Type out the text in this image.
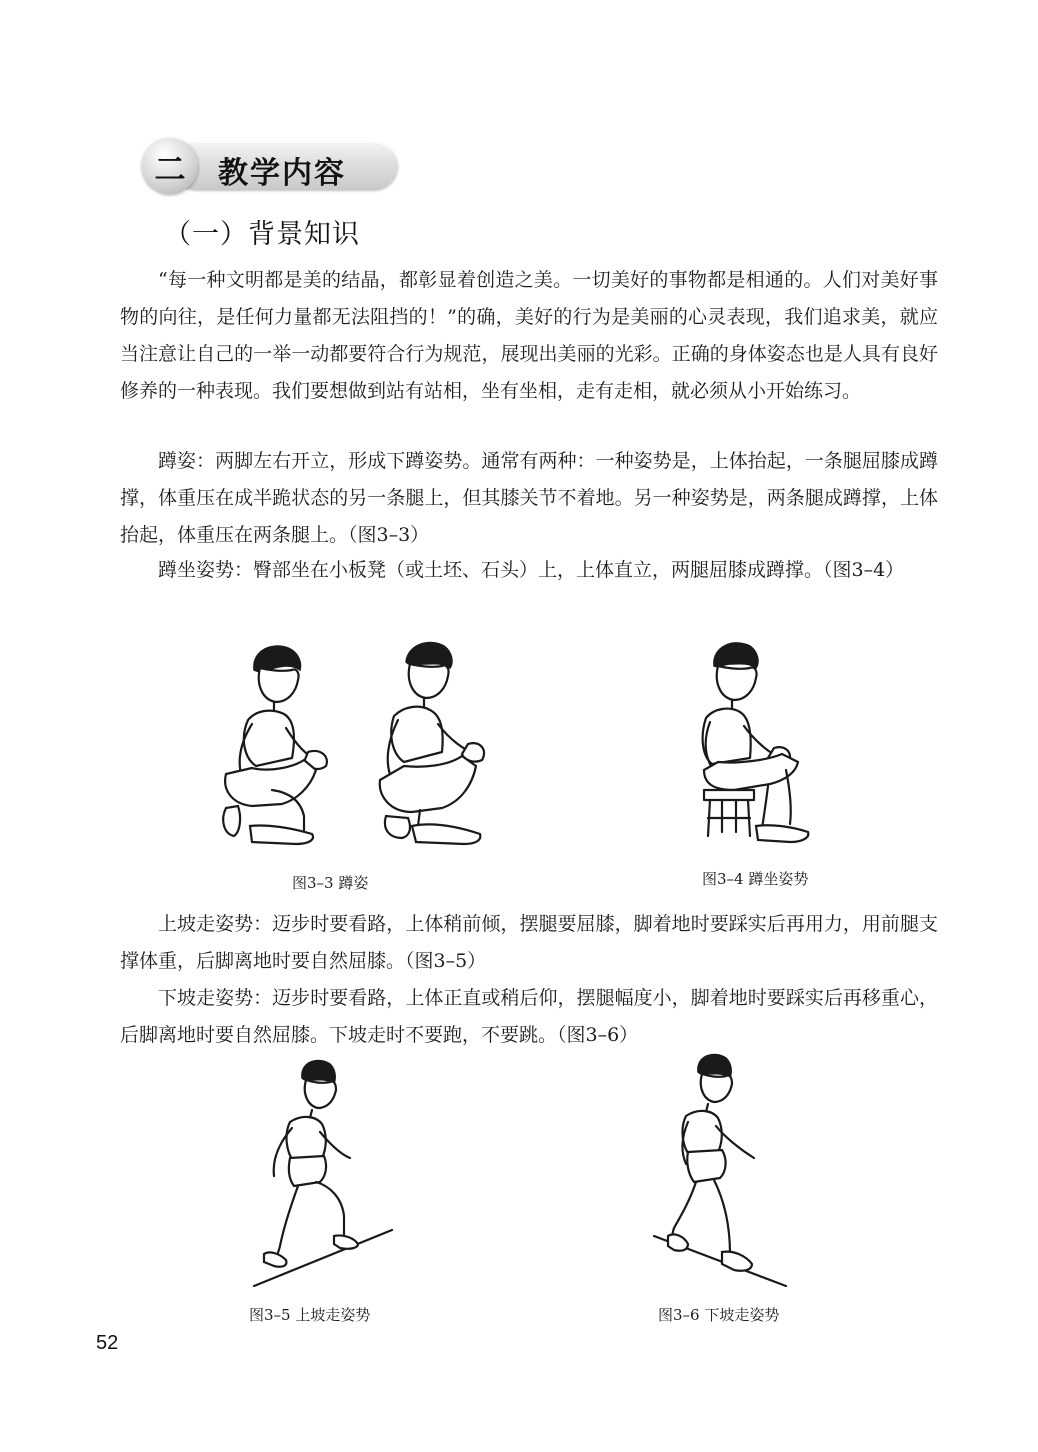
二 教学内容
（一）背景知识

“每一种文明都是美的结晶，都彰显着创造之美。一切美好的事物都是相通的。人们对美好事物的向往，是任何力量都无法阻挡的！”的确，美好的行为是美丽的心灵表现，我们追求美，就应当注意让自己的一举一动都要符合行为规范，展现出美丽的光彩。正确的身体姿态也是人具有良好修养的一种表现。我们要想做到站有站相，坐有坐相，走有走相，就必须从小开始练习。

蹲姿：两脚左右开立，形成下蹲姿势。通常有两种：一种姿势是，上体抬起，一条腿屈膝成蹲撑，体重压在成半跪状态的另一条腿上，但其膝关节不着地。另一种姿势是，两条腿成蹲撑，上体抬起，体重压在两条腿上。（图3–3）

蹲坐姿势：臀部坐在小板凳（或土坯、石头）上，上体直立，两腿屈膝成蹲撑。（图3–4）

图3–3 蹲姿	图3–4 蹲坐姿势

上坡走姿势：迈步时要看路，上体稍前倾，摆腿要屈膝，脚着地时要踩实后再用力，用前腿支撑体重，后脚离地时要自然屈膝。（图3–5）

下坡走姿势：迈步时要看路，上体正直或稍后仰，摆腿幅度小，脚着地时要踩实后再移重心，后脚离地时要自然屈膝。下坡走时不要跑，不要跳。（图3–6）

图3–5 上坡走姿势	图3–6 下坡走姿势
52
